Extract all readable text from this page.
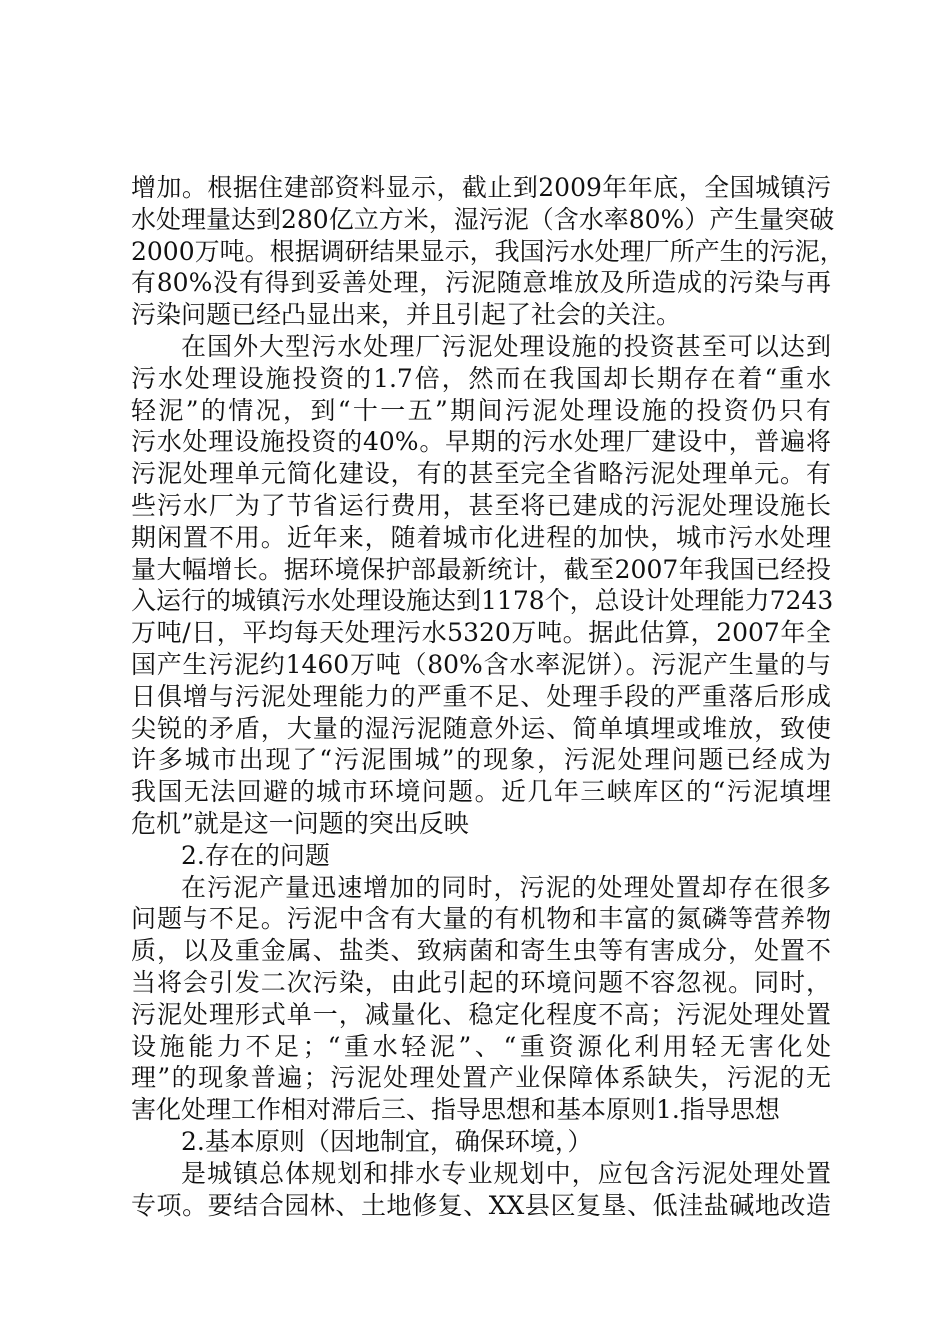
增加。根据住建部资料显示，截止到2009年年底，全国城镇污
水处理量达到280亿立方米，湿污泥（含水率80%）产生量突破
2000万吨。根据调研结果显示，我国污水处理厂所产生的污泥，
有80%没有得到妥善处理，污泥随意堆放及所造成的污染与再
污染问题已经凸显出来，并且引起了社会的关注。
在国外大型污水处理厂污泥处理设施的投资甚至可以达到
污水处理设施投资的1.7倍，然而在我国却长期存在着“重水
轻泥”的情况，到“十一五”期间污泥处理设施的投资仍只有
污水处理设施投资的40%。早期的污水处理厂建设中，普遍将
污泥处理单元简化建设，有的甚至完全省略污泥处理单元。有
些污水厂为了节省运行费用，甚至将已建成的污泥处理设施长
期闲置不用。近年来，随着城市化进程的加快，城市污水处理
量大幅增长。据环境保护部最新统计，截至2007年我国已经投
入运行的城镇污水处理设施达到1178个，总设计处理能力7243
万吨/日，平均每天处理污水5320万吨。据此估算，2007年全
国产生污泥约1460万吨（80%含水率泥饼）。污泥产生量的与
日俱增与污泥处理能力的严重不足、处理手段的严重落后形成
尖锐的矛盾，大量的湿污泥随意外运、简单填埋或堆放，致使
许多城市出现了“污泥围城”的现象，污泥处理问题已经成为
我国无法回避的城市环境问题。近几年三峡库区的“污泥填埋
危机”就是这一问题的突出反映
2.存在的问题
在污泥产量迅速增加的同时，污泥的处理处置却存在很多
问题与不足。污泥中含有大量的有机物和丰富的氮磷等营养物
质，以及重金属、盐类、致病菌和寄生虫等有害成分，处置不
当将会引发二次污染，由此引起的环境问题不容忽视。同时，
污泥处理形式单一，减量化、稳定化程度不高；污泥处理处置
设施能力不足；“重水轻泥”、“重资源化利用轻无害化处
理”的现象普遍；污泥处理处置产业保障体系缺失，污泥的无
害化处理工作相对滞后三、指导思想和基本原则1.指导思想
2.基本原则（因地制宜，确保环境，）
是城镇总体规划和排水专业规划中，应包含污泥处理处置
专项。要结合园林、土地修复、XX县区复垦、低洼盐碱地改造
